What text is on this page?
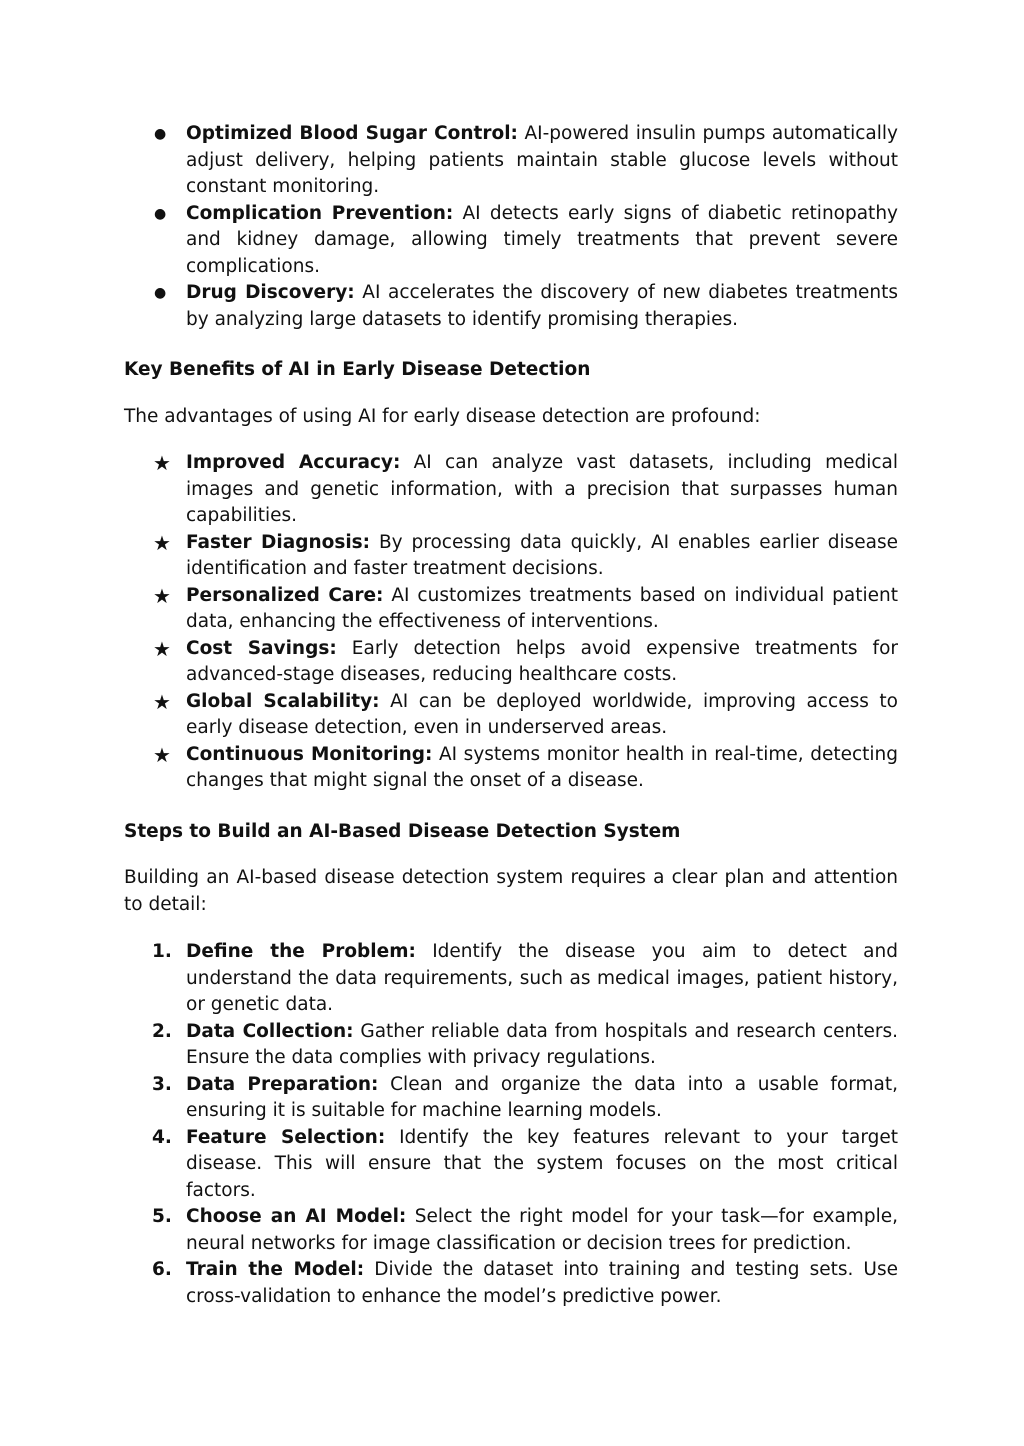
● Optimized Blood Sugar Control: AI-powered insulin pumps automatically adjust delivery, helping patients maintain stable glucose levels without constant monitoring.
● Complication Prevention: AI detects early signs of diabetic retinopathy and kidney damage, allowing timely treatments that prevent severe complications.
● Drug Discovery: AI accelerates the discovery of new diabetes treatments by analyzing large datasets to identify promising therapies.
Key Benefits of AI in Early Disease Detection

The advantages of using AI for early disease detection are profound:

★ Improved Accuracy: AI can analyze vast datasets, including medical images and genetic information, with a precision that surpasses human capabilities.
★ Faster Diagnosis: By processing data quickly, AI enables earlier disease identification and faster treatment decisions.
★ Personalized Care: AI customizes treatments based on individual patient data, enhancing the effectiveness of interventions.
★ Cost Savings: Early detection helps avoid expensive treatments for advanced-stage diseases, reducing healthcare costs.
★ Global Scalability: AI can be deployed worldwide, improving access to early disease detection, even in underserved areas.
★ Continuous Monitoring: AI systems monitor health in real-time, detecting changes that might signal the onset of a disease.
Steps to Build an AI-Based Disease Detection System

Building an AI-based disease detection system requires a clear plan and attention to detail:

1. Define the Problem: Identify the disease you aim to detect and understand the data requirements, such as medical images, patient history, or genetic data.
2. Data Collection: Gather reliable data from hospitals and research centers. Ensure the data complies with privacy regulations.
3. Data Preparation: Clean and organize the data into a usable format, ensuring it is suitable for machine learning models.
4. Feature Selection: Identify the key features relevant to your target disease. This will ensure that the system focuses on the most critical factors.
5. Choose an AI Model: Select the right model for your task—for example, neural networks for image classification or decision trees for prediction.
6. Train the Model: Divide the dataset into training and testing sets. Use cross-validation to enhance the model’s predictive power.
